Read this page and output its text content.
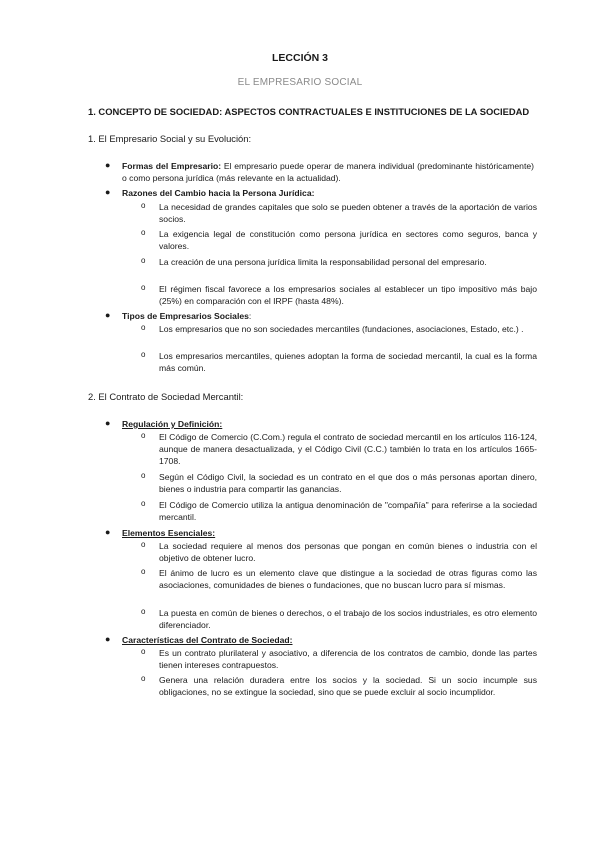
LECCIÓN 3
EL EMPRESARIO SOCIAL
1. CONCEPTO DE SOCIEDAD: ASPECTOS CONTRACTUALES E INSTITUCIONES DE LA SOCIEDAD
1. El Empresario Social y su Evolución:
● Formas del Empresario: El empresario puede operar de manera individual (predominante históricamente) o como persona jurídica (más relevante en la actualidad).
● Razones del Cambio hacia la Persona Jurídica:
o La necesidad de grandes capitales que solo se pueden obtener a través de la aportación de varios socios.
o La exigencia legal de constitución como persona jurídica en sectores como seguros, banca y valores.
o La creación de una persona jurídica limita la responsabilidad personal del empresario.
o El régimen fiscal favorece a los empresarios sociales al establecer un tipo impositivo más bajo (25%) en comparación con el IRPF (hasta 48%).
● Tipos de Empresarios Sociales:
o Los empresarios que no son sociedades mercantiles (fundaciones, asociaciones, Estado, etc.) .
o Los empresarios mercantiles, quienes adoptan la forma de sociedad mercantil, la cual es la forma más común.
2. El Contrato de Sociedad Mercantil:
● Regulación y Definición:
o El Código de Comercio (C.Com.) regula el contrato de sociedad mercantil en los artículos 116-124, aunque de manera desactualizada, y el Código Civil (C.C.) también lo trata en los artículos 1665-1708.
o Según el Código Civil, la sociedad es un contrato en el que dos o más personas aportan dinero, bienes o industria para compartir las ganancias.
o El Código de Comercio utiliza la antigua denominación de "compañía" para referirse a la sociedad mercantil.
● Elementos Esenciales:
o La sociedad requiere al menos dos personas que pongan en común bienes o industria con el objetivo de obtener lucro.
o El ánimo de lucro es un elemento clave que distingue a la sociedad de otras figuras como las asociaciones, comunidades de bienes o fundaciones, que no buscan lucro para sí mismas.
o La puesta en común de bienes o derechos, o el trabajo de los socios industriales, es otro elemento diferenciador.
● Características del Contrato de Sociedad:
o Es un contrato plurilateral y asociativo, a diferencia de los contratos de cambio, donde las partes tienen intereses contrapuestos.
o Genera una relación duradera entre los socios y la sociedad. Si un socio incumple sus obligaciones, no se extingue la sociedad, sino que se puede excluir al socio incumplidor.
